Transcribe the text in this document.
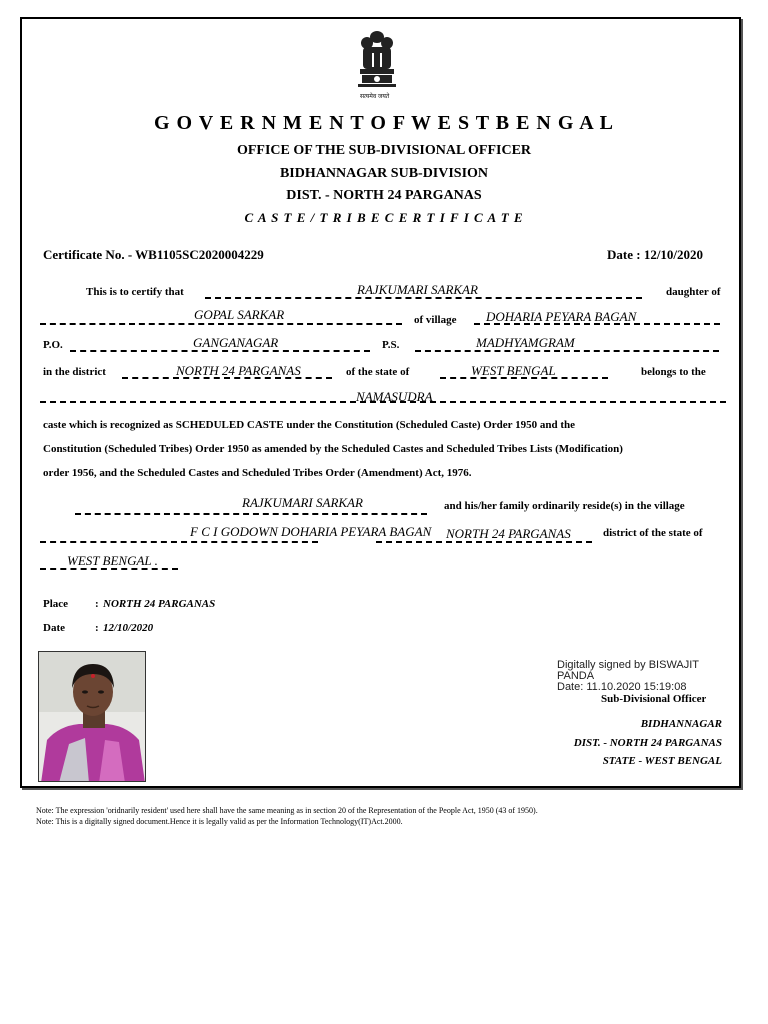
सत्यमेव जयते
G O V E R N M E N T O F W E S T B E N G A L
OFFICE OF THE SUB-DIVISIONAL OFFICER
BIDHANNAGAR SUB-DIVISION
DIST. - NORTH 24 PARGANAS
C A S T E / T R I B E C E R T I F I C A T E
Certificate No. - WB1105SC2020004229	Date : 12/10/2020
This is to certify that	RAJKUMARI SARKAR	daughter of
GOPAL SARKAR	of village DOHARIA PEYARA BAGAN
P.O.	GANGANAGAR	P.S.	MADHYAMGRAM
in the district	NORTH 24 PARGANAS	of the state of	WEST BENGAL	belongs to the
NAMASUDRA
caste which is recognized as SCHEDULED CASTE under the Constitution (Scheduled Caste) Order 1950 and the
Constitution (Scheduled Tribes) Order 1950 as amended by the Scheduled Castes and Scheduled Tribes Lists (Modification)
order 1956, and the Scheduled Castes and Scheduled Tribes Order (Amendment) Act, 1976.
RAJKUMARI SARKAR	and his/her family ordinarily reside(s) in the village
F C I GODOWN DOHARIA PEYARA BAGAN NORTH 24 PARGANAS	district of the state of
WEST BENGAL .
Place : NORTH 24 PARGANAS
Date	: 12/10/2020
Digitally signed by BISWAJIT
PANDA
Date: 11.10.2020 15:19:08
Sub-Divisional Officer
BIDHANNAGAR
DIST. - NORTH 24 PARGANAS
STATE - WEST BENGAL
Note: The expression 'oridnarily resident' used here shall have the same meaning as in section 20 of the Representation of the People Act, 1950 (43 of 1950).
Note: This is a digitally signed document.Hence it is legally valid as per the Information Technology(IT)Act.2000.
